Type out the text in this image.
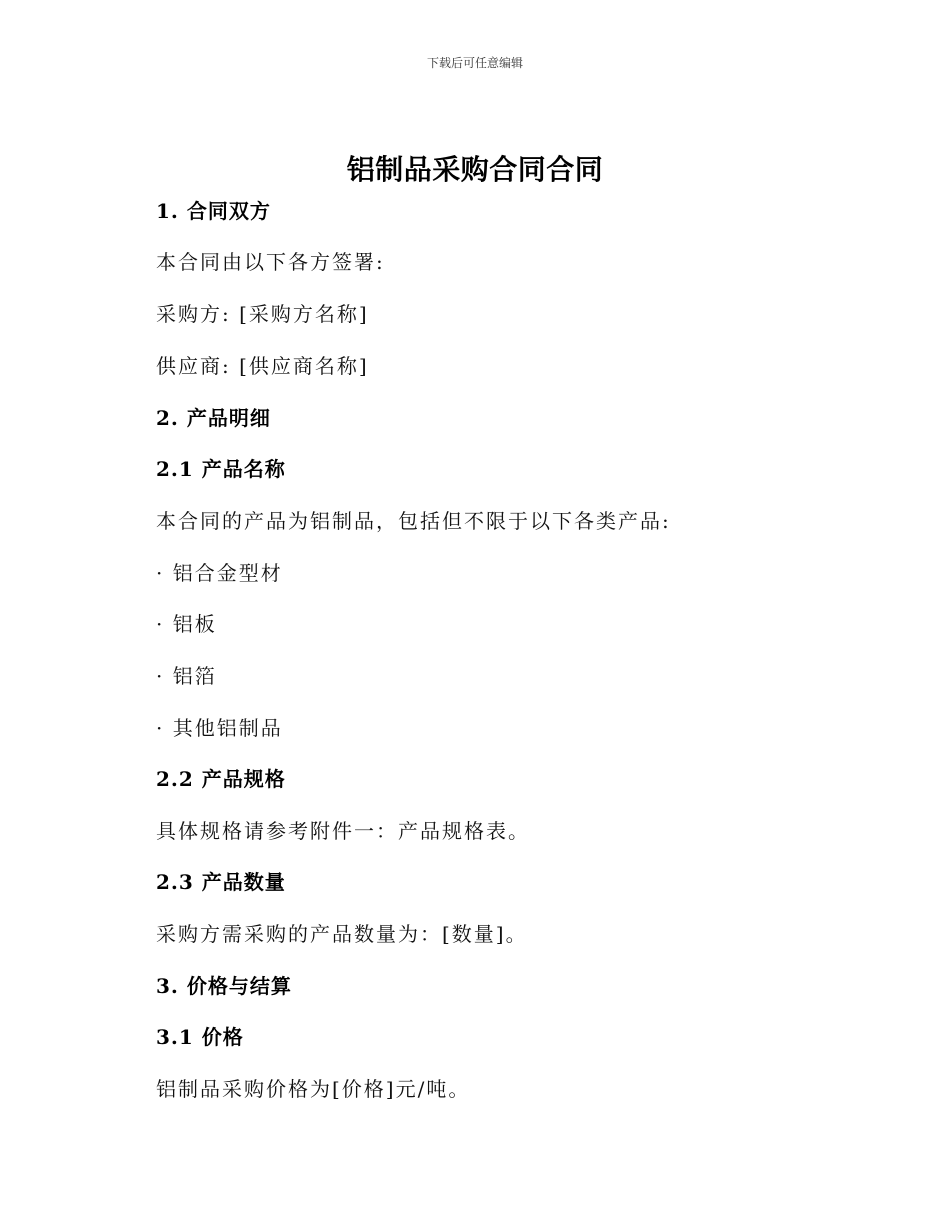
下载后可任意编辑
铝制品采购合同合同
1. 合同双方
本合同由以下各方签署:
采购方: [采购方名称]
供应商: [供应商名称]
2. 产品明细
2.1 产品名称
本合同的产品为铝制品，包括但不限于以下各类产品:
· 铝合金型材
· 铝板
· 铝箔
· 其他铝制品
2.2 产品规格
具体规格请参考附件一：产品规格表。
2.3 产品数量
采购方需采购的产品数量为：[数量]。
3. 价格与结算
3.1 价格
铝制品采购价格为[价格]元/吨。
